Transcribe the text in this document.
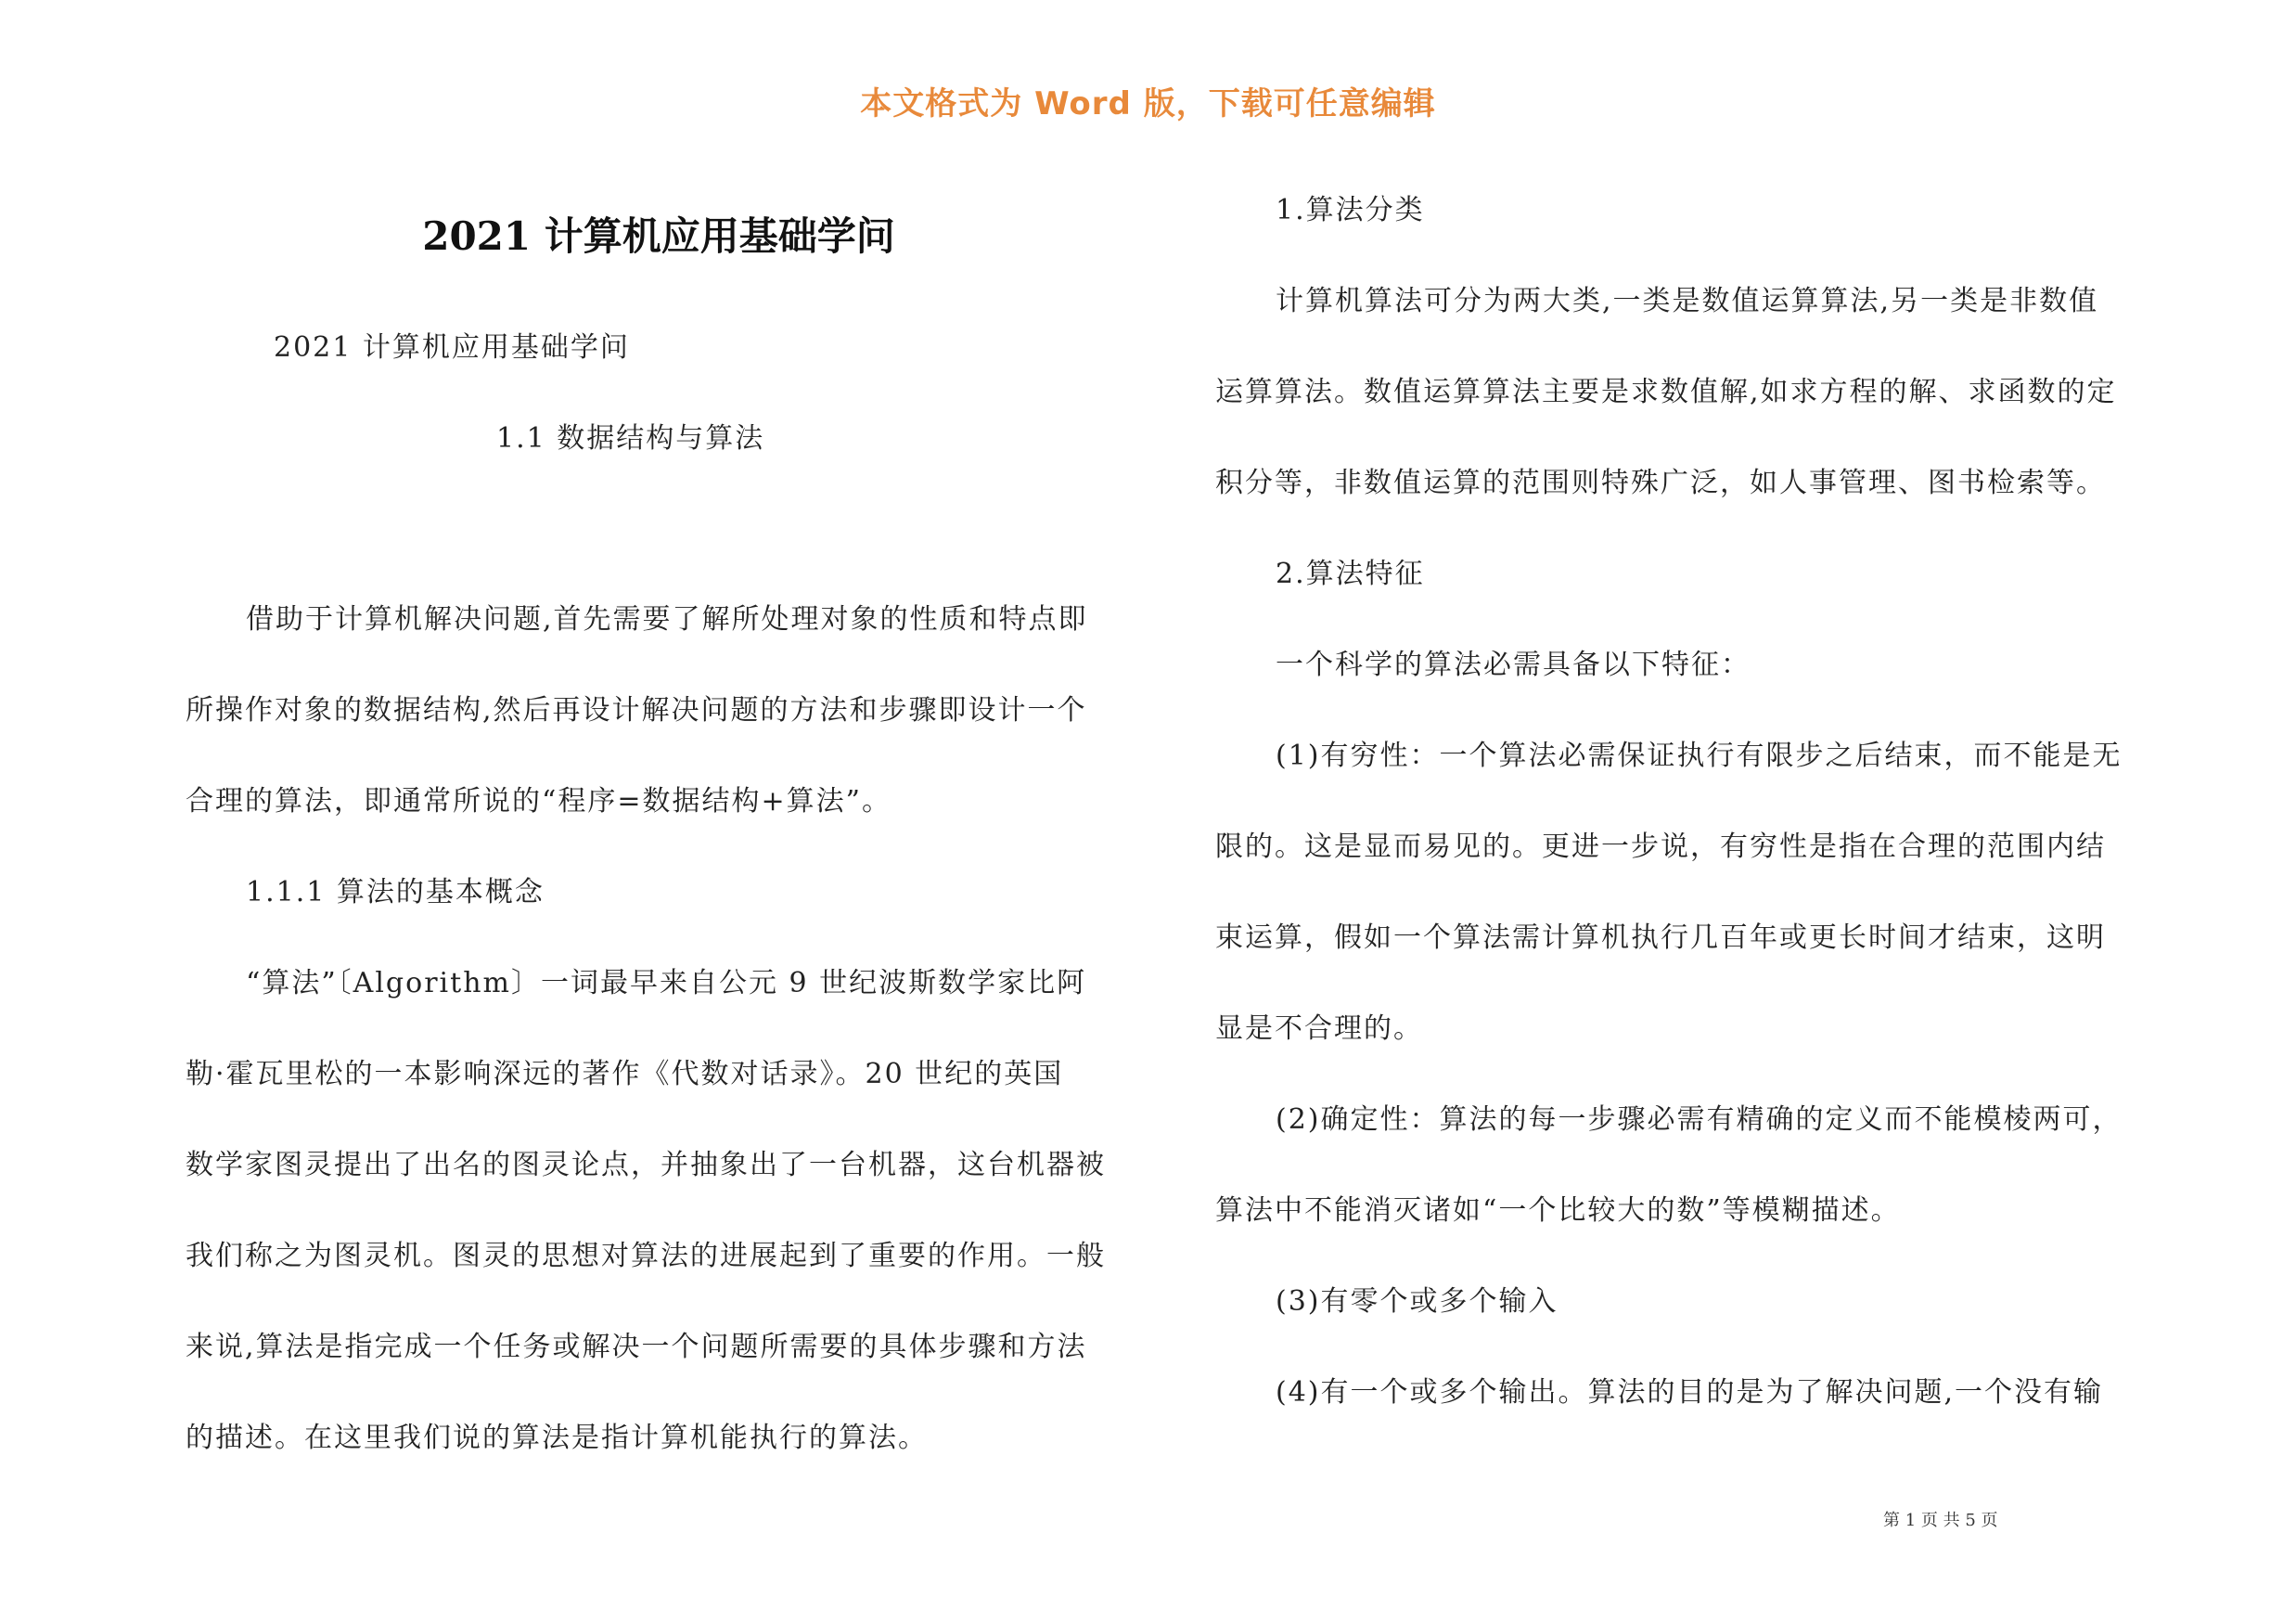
本文格式为 Word 版，下载可任意编辑
2021 计算机应用基础学问
2021 计算机应用基础学问
1.1 数据结构与算法
借助于计算机解决问题,首先需要了解所处理对象的性质和特点即
所操作对象的数据结构,然后再设计解决问题的方法和步骤即设计一个
合理的算法，即通常所说的“程序=数据结构+算法”。
1.1.1 算法的基本概念
“算法”〔Algorithm〕一词最早来自公元 9 世纪波斯数学家比阿
勒·霍瓦里松的一本影响深远的著作《代数对话录》。20 世纪的英国
数学家图灵提出了出名的图灵论点，并抽象出了一台机器，这台机器被
我们称之为图灵机。图灵的思想对算法的进展起到了重要的作用。一般
来说,算法是指完成一个任务或解决一个问题所需要的具体步骤和方法
的描述。在这里我们说的算法是指计算机能执行的算法。
1.算法分类
计算机算法可分为两大类,一类是数值运算算法,另一类是非数值
运算算法。数值运算算法主要是求数值解,如求方程的解、求函数的定
积分等，非数值运算的范围则特殊广泛，如人事管理、图书检索等。
2.算法特征
一个科学的算法必需具备以下特征：
(1)有穷性：一个算法必需保证执行有限步之后结束，而不能是无
限的。这是显而易见的。更进一步说，有穷性是指在合理的范围内结
束运算，假如一个算法需计算机执行几百年或更长时间才结束，这明
显是不合理的。
(2)确定性：算法的每一步骤必需有精确的定义而不能模棱两可，
算法中不能消灭诸如“一个比较大的数”等模糊描述。
(3)有零个或多个输入
(4)有一个或多个输出。算法的目的是为了解决问题,一个没有输
第 1 页 共 5 页
